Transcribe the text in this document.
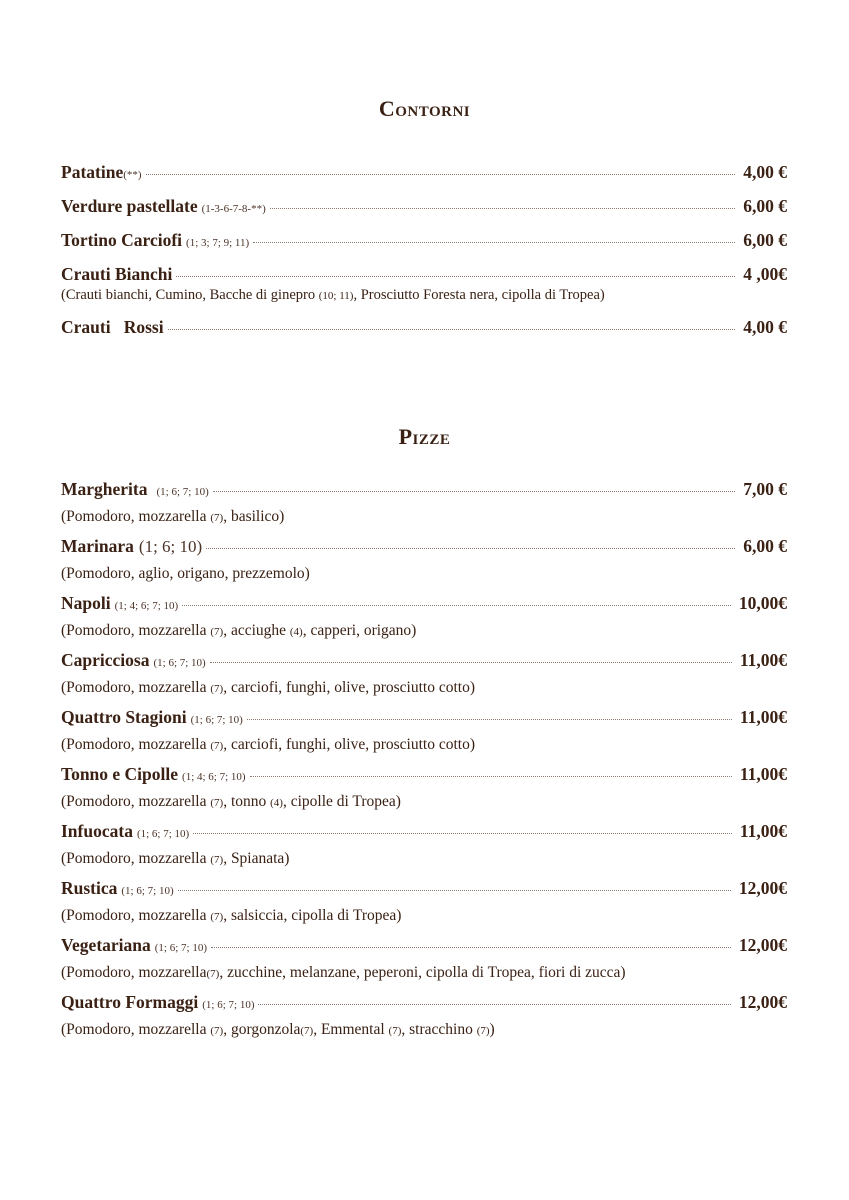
Contorni
Patatine (**)	4,00 €
Verdure pastellate (1-3-6-7-8-**)	6,00 €
Tortino Carciofi (1; 3; 7; 9; 11)	6,00 €
Crauti Bianchi	4 ,00€
(Crauti bianchi, Cumino, Bacche di ginepro (10; 11), Prosciutto Foresta nera, cipolla di Tropea)
Crauti   Rossi	4,00 €
Pizze
Margherita (1; 6; 7; 10)	7,00 €
(Pomodoro, mozzarella (7), basilico)
Marinara (1; 6; 10)	6,00 €
(Pomodoro, aglio, origano, prezzemolo)
Napoli (1; 4; 6; 7; 10)	10,00€
(Pomodoro, mozzarella (7), acciughe (4), capperi, origano)
Capricciosa (1; 6; 7; 10)	11,00€
(Pomodoro, mozzarella (7), carciofi, funghi, olive, prosciutto cotto)
Quattro Stagioni (1; 6; 7; 10)	11,00€
(Pomodoro, mozzarella (7), carciofi, funghi, olive, prosciutto cotto)
Tonno e Cipolle (1; 4; 6; 7; 10)	11,00€
(Pomodoro, mozzarella (7), tonno (4), cipolle di Tropea)
Infuocata (1; 6; 7; 10)	11,00€
(Pomodoro, mozzarella (7), Spianata)
Rustica (1; 6; 7; 10)	12,00€
(Pomodoro, mozzarella (7), salsiccia, cipolla di Tropea)
Vegetariana (1; 6; 7; 10)	12,00€
(Pomodoro, mozzarella(7), zucchine, melanzane, peperoni, cipolla di Tropea, fiori di zucca)
Quattro Formaggi (1; 6; 7; 10)	12,00€
(Pomodoro, mozzarella (7), gorgonzola(7), Emmental (7), stracchino (7))
